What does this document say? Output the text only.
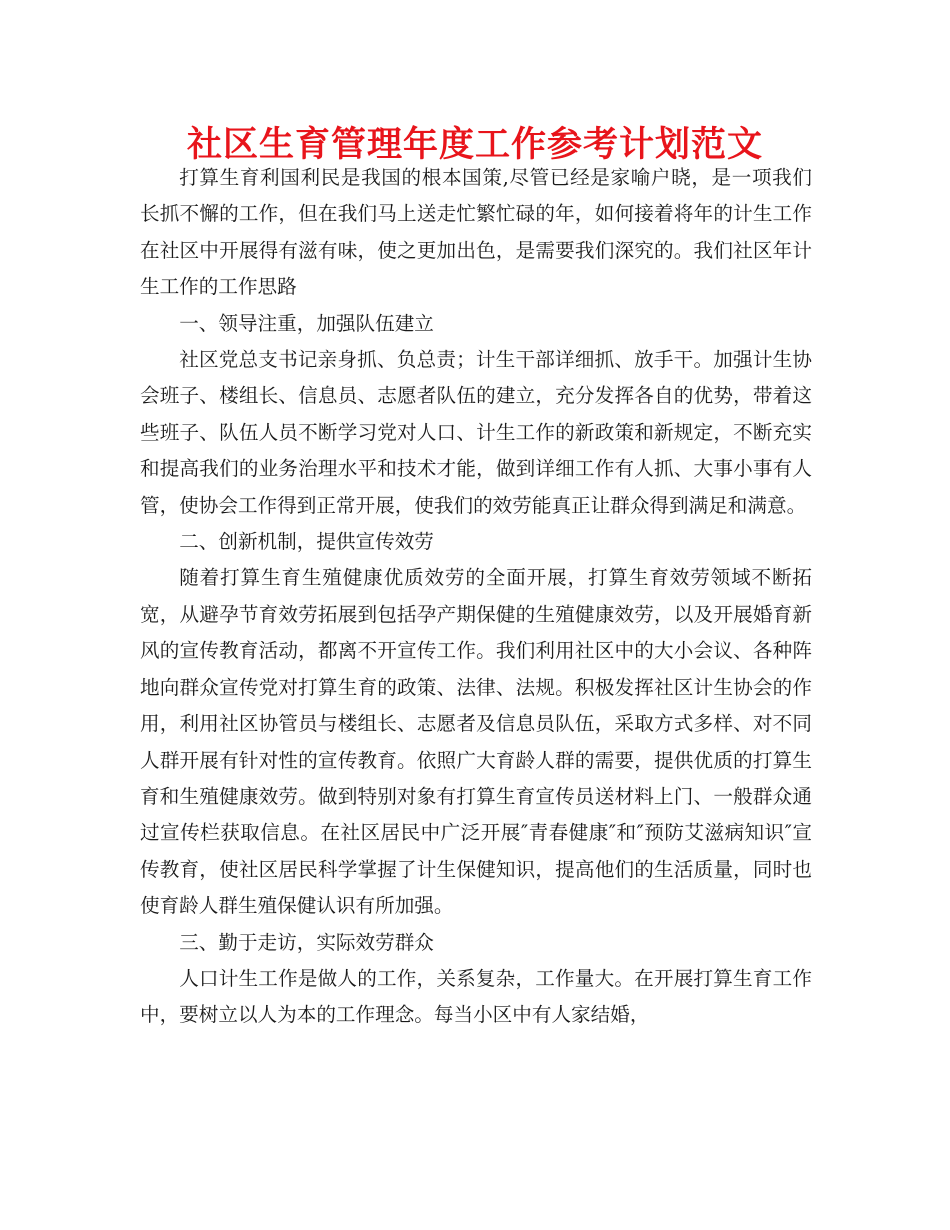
社区生育管理年度工作参考计划范文

打算生育利国利民是我国的根本国策,尽管已经是家喻户晓，是一项我们长抓不懈的工作，但在我们马上送走忙繁忙碌的年，如何接着将年的计生工作在社区中开展得有滋有味，使之更加出色，是需要我们深究的。我们社区年计生工作的工作思路

一、领导注重，加强队伍建立

社区党总支书记亲身抓、负总责；计生干部详细抓、放手干。加强计生协会班子、楼组长、信息员、志愿者队伍的建立，充分发挥各自的优势，带着这些班子、队伍人员不断学习党对人口、计生工作的新政策和新规定，不断充实和提高我们的业务治理水平和技术才能，做到详细工作有人抓、大事小事有人管，使协会工作得到正常开展，使我们的效劳能真正让群众得到满足和满意。

二、创新机制，提供宣传效劳

随着打算生育生殖健康优质效劳的全面开展，打算生育效劳领域不断拓宽，从避孕节育效劳拓展到包括孕产期保健的生殖健康效劳，以及开展婚育新风的宣传教育活动，都离不开宣传工作。我们利用社区中的大小会议、各种阵地向群众宣传党对打算生育的政策、法律、法规。积极发挥社区计生协会的作用，利用社区协管员与楼组长、志愿者及信息员队伍，采取方式多样、对不同人群开展有针对性的宣传教育。依照广大育龄人群的需要，提供优质的打算生育和生殖健康效劳。做到特别对象有打算生育宣传员送材料上门、一般群众通过宣传栏获取信息。在社区居民中广泛开展″青春健康″和″预防艾滋病知识″宣传教育，使社区居民科学掌握了计生保健知识，提高他们的生活质量，同时也使育龄人群生殖保健认识有所加强。

三、勤于走访，实际效劳群众

人口计生工作是做人的工作，关系复杂，工作量大。在开展打算生育工作中，要树立以人为本的工作理念。每当小区中有人家结婚，
